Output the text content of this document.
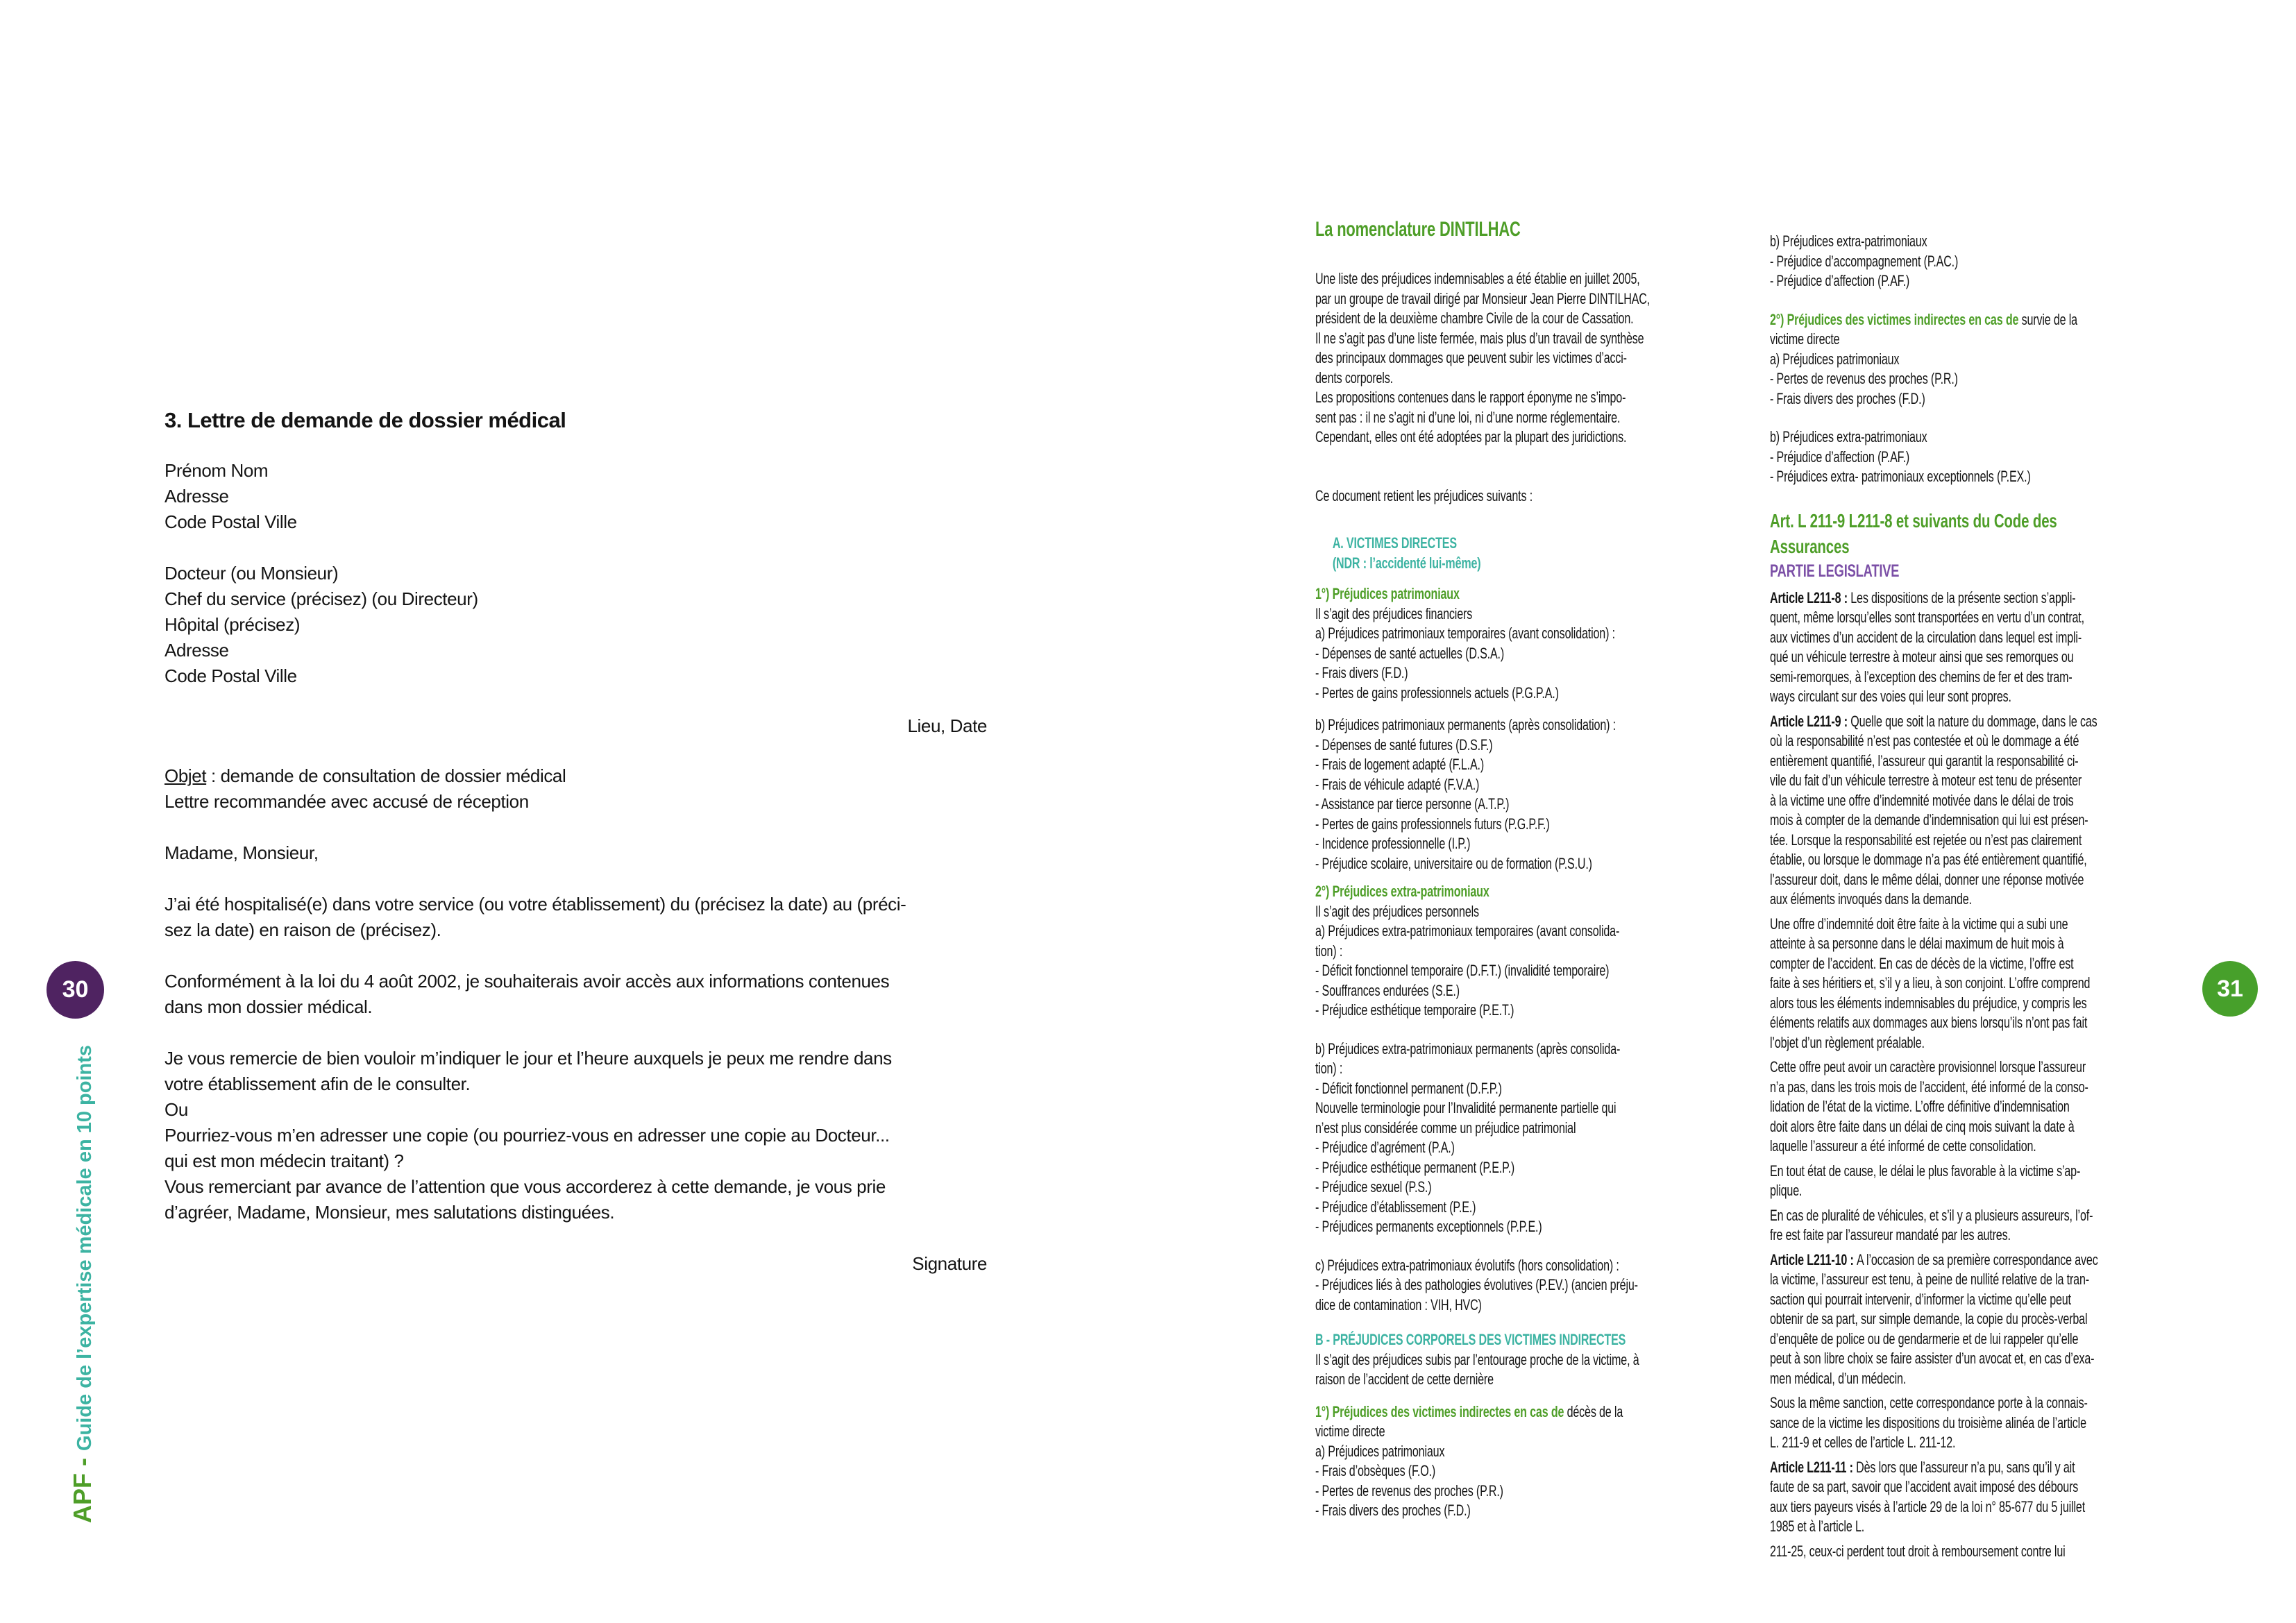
3. Lettre de demande de dossier médical
Prénom Nom
Adresse
Code Postal Ville
Docteur (ou Monsieur)
Chef du service (précisez) (ou Directeur)
Hôpital (précisez)
Adresse
Code Postal Ville
Lieu, Date
Objet : demande de consultation de dossier médical
Lettre recommandée avec accusé de réception
Madame, Monsieur,
J’ai été hospitalisé(e) dans votre service (ou votre établissement) du (précisez la date) au (préci-
sez la date) en raison de (précisez).
Conformément à la loi du 4 août 2002, je souhaiterais avoir accès aux informations contenues
dans mon dossier médical.
Je vous remercie de bien vouloir m’indiquer le jour et l’heure auxquels je peux me rendre dans
votre établissement afin de le consulter.
Ou
Pourriez-vous m’en adresser une copie (ou pourriez-vous en adresser une copie au Docteur...
qui est mon médecin traitant) ?
Vous remerciant par avance de l’attention que vous accorderez à cette demande, je vous prie
d’agréer, Madame, Monsieur, mes salutations distinguées.
Signature
La nomenclature DINTILHAC
Une liste des préjudices indemnisables a été établie en juillet 2005,
par un groupe de travail dirigé par Monsieur Jean Pierre DINTILHAC,
président de la deuxième chambre Civile de la cour de Cassation.
Il ne s’agit pas d’une liste fermée, mais plus d’un travail de synthèse
des principaux dommages que peuvent subir les victimes d’acci-
dents corporels.
Les propositions contenues dans le rapport éponyme ne s’impo-
sent pas : il ne s’agit ni d’une loi, ni d’une norme réglementaire.
Cependant, elles ont été adoptées par la plupart des juridictions.
Ce document retient les préjudices suivants :
A. VICTIMES DIRECTES
(NDR : l’accidenté lui-même)
1°) Préjudices patrimoniaux
Il s’agit des préjudices financiers
a) Préjudices patrimoniaux temporaires (avant consolidation) :
- Dépenses de santé actuelles (D.S.A.)
- Frais divers (F.D.)
- Pertes de gains professionnels actuels (P.G.P.A.)
b) Préjudices patrimoniaux permanents (après consolidation) :
- Dépenses de santé futures (D.S.F.)
- Frais de logement adapté (F.L.A.)
- Frais de véhicule adapté (F.V.A.)
- Assistance par tierce personne (A.T.P.)
- Pertes de gains professionnels futurs (P.G.P.F.)
- Incidence professionnelle (I.P.)
- Préjudice scolaire, universitaire ou de formation (P.S.U.)
2°) Préjudices extra-patrimoniaux
Il s’agit des préjudices personnels
a) Préjudices extra-patrimoniaux temporaires (avant consolida-
tion) :
- Déficit fonctionnel temporaire (D.F.T.) (invalidité temporaire)
- Souffrances endurées (S.E.)
- Préjudice esthétique temporaire (P.E.T.)
b) Préjudices extra-patrimoniaux permanents (après consolida-
tion) :
- Déficit fonctionnel permanent (D.F.P.)
Nouvelle terminologie pour l’Invalidité permanente partielle qui
n’est plus considérée comme un préjudice patrimonial
- Préjudice d’agrément (P.A.)
- Préjudice esthétique permanent (P.E.P.)
- Préjudice sexuel (P.S.)
- Préjudice d’établissement (P.E.)
- Préjudices permanents exceptionnels (P.P.E.)
c) Préjudices extra-patrimoniaux évolutifs (hors consolidation) :
- Préjudices liés à des pathologies évolutives (P.EV.) (ancien préju-
dice de contamination : VIH, HVC)
B - PRÉJUDICES CORPORELS DES VICTIMES INDIRECTES
Il s’agit des préjudices subis par l’entourage proche de la victime, à
raison de l’accident de cette dernière
1°) Préjudices des victimes indirectes en cas de décès de la
victime directe
a) Préjudices patrimoniaux
- Frais d’obsèques (F.O.)
- Pertes de revenus des proches (P.R.)
- Frais divers des proches (F.D.)
b) Préjudices extra-patrimoniaux
- Préjudice d’accompagnement (P.AC.)
- Préjudice d’affection (P.AF.)
2°) Préjudices des victimes indirectes en cas de survie de la
victime directe
a) Préjudices patrimoniaux
- Pertes de revenus des proches (P.R.)
- Frais divers des proches (F.D.)
b) Préjudices extra-patrimoniaux
- Préjudice d’affection (P.AF.)
- Préjudices extra- patrimoniaux exceptionnels (P.EX.)
Art. L 211-9 L211-8 et suivants du Code des
Assurances
PARTIE LEGISLATIVE
Article L211-8 : Les dispositions de la présente section s’appli-
quent, même lorsqu’elles sont transportées en vertu d’un contrat,
aux victimes d’un accident de la circulation dans lequel est impli-
qué un véhicule terrestre à moteur ainsi que ses remorques ou
semi-remorques, à l’exception des chemins de fer et des tram-
ways circulant sur des voies qui leur sont propres.
Article L211-9 : Quelle que soit la nature du dommage, dans le cas
où la responsabilité n’est pas contestée et où le dommage a été
entièrement quantifié, l’assureur qui garantit la responsabilité ci-
vile du fait d’un véhicule terrestre à moteur est tenu de présenter
à la victime une offre d’indemnité motivée dans le délai de trois
mois à compter de la demande d’indemnisation qui lui est présen-
tée. Lorsque la responsabilité est rejetée ou n’est pas clairement
établie, ou lorsque le dommage n’a pas été entièrement quantifié,
l’assureur doit, dans le même délai, donner une réponse motivée
aux éléments invoqués dans la demande.
Une offre d’indemnité doit être faite à la victime qui a subi une
atteinte à sa personne dans le délai maximum de huit mois à
compter de l’accident. En cas de décès de la victime, l’offre est
faite à ses héritiers et, s’il y a lieu, à son conjoint. L’offre comprend
alors tous les éléments indemnisables du préjudice, y compris les
éléments relatifs aux dommages aux biens lorsqu’ils n’ont pas fait
l’objet d’un règlement préalable.
Cette offre peut avoir un caractère provisionnel lorsque l’assureur
n’a pas, dans les trois mois de l’accident, été informé de la conso-
lidation de l’état de la victime. L’offre définitive d’indemnisation
doit alors être faite dans un délai de cinq mois suivant la date à
laquelle l’assureur a été informé de cette consolidation.
En tout état de cause, le délai le plus favorable à la victime s’ap-
plique.
En cas de pluralité de véhicules, et s’il y a plusieurs assureurs, l’of-
fre est faite par l’assureur mandaté par les autres.
Article L211-10 : A l’occasion de sa première correspondance avec
la victime, l’assureur est tenu, à peine de nullité relative de la tran-
saction qui pourrait intervenir, d’informer la victime qu’elle peut
obtenir de sa part, sur simple demande, la copie du procès-verbal
d’enquête de police ou de gendarmerie et de lui rappeler qu’elle
peut à son libre choix se faire assister d’un avocat et, en cas d’exa-
men médical, d’un médecin.
Sous la même sanction, cette correspondance porte à la connais-
sance de la victime les dispositions du troisième alinéa de l’article
L. 211-9 et celles de l’article L. 211-12.
Article L211-11 : Dès lors que l’assureur n’a pu, sans qu’il y ait
faute de sa part, savoir que l’accident avait imposé des débours
aux tiers payeurs visés à l’article 29 de la loi n° 85-677 du 5 juillet
1985 et à l’article L.
211-25, ceux-ci perdent tout droit à remboursement contre lui
APF - Guide de l’expertise médicale en 10 points
30	31
